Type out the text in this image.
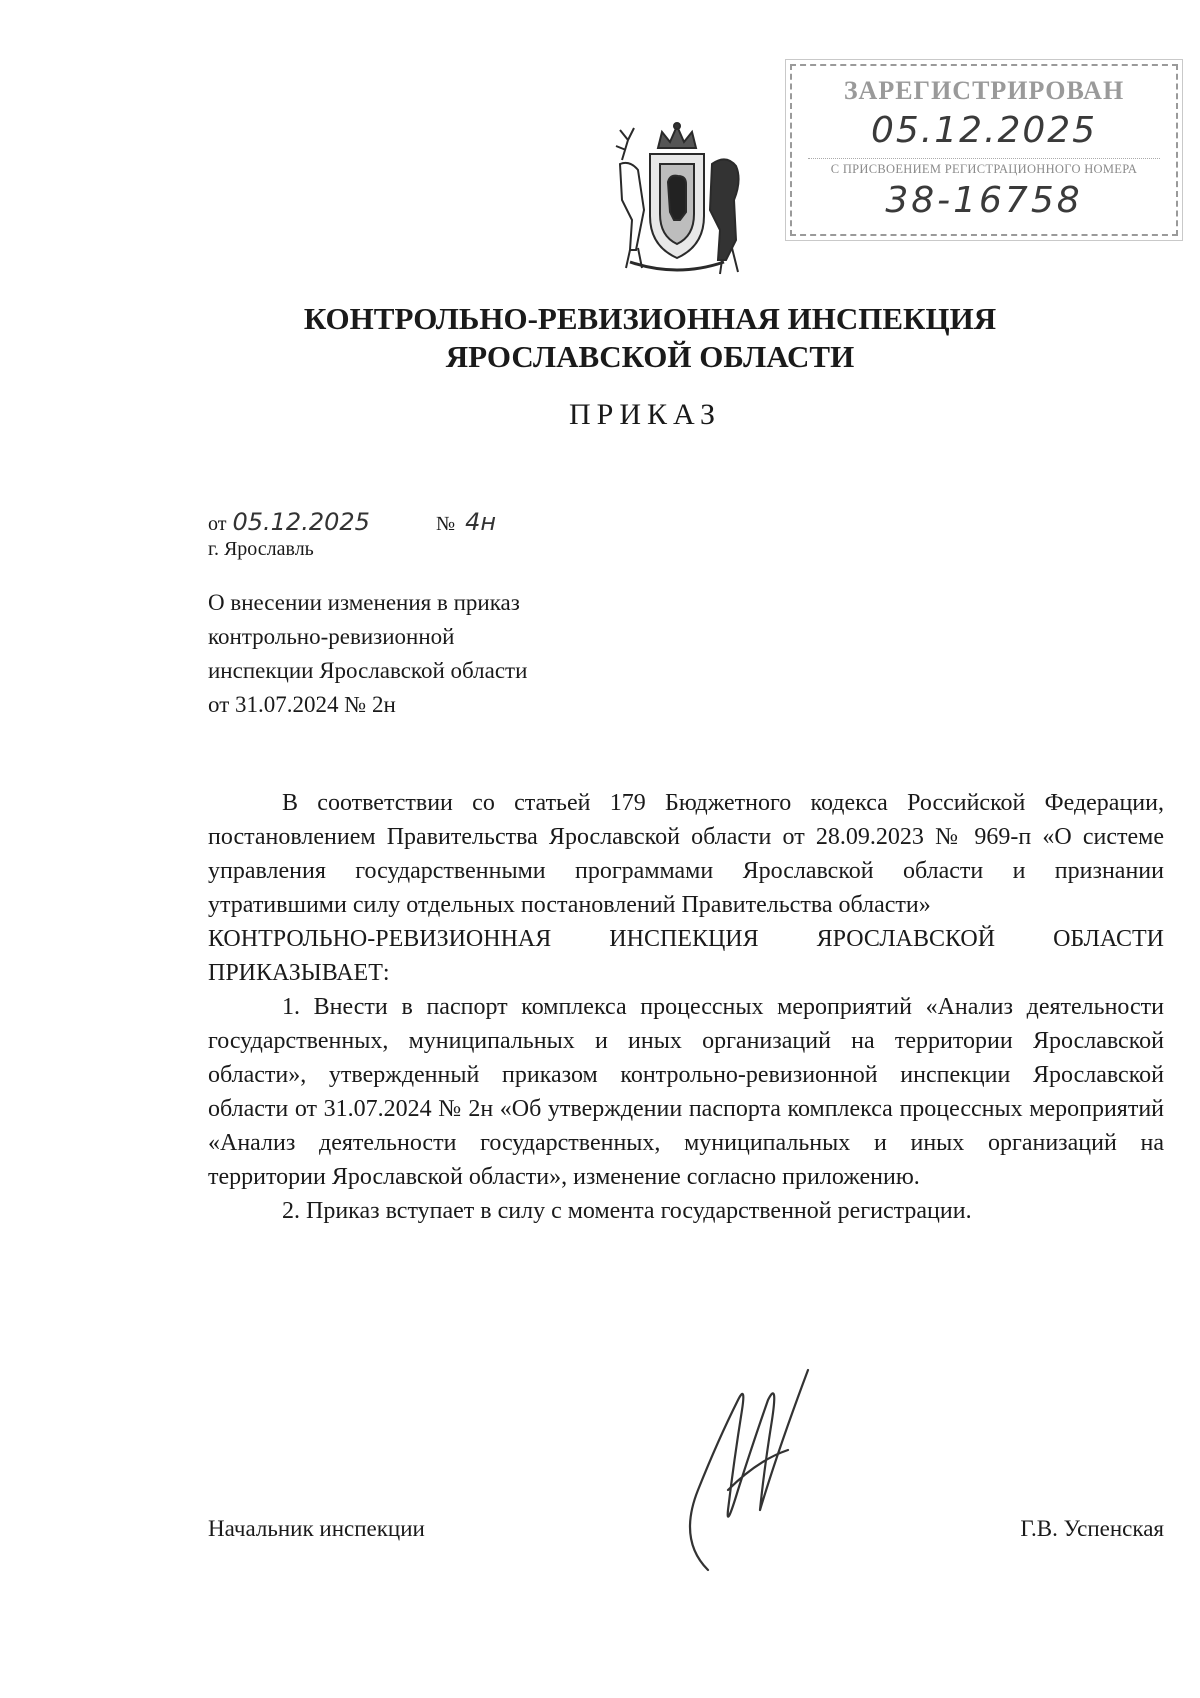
ЗАРЕГИСТРИРОВАН
05.12.2025
С ПРИСВОЕНИЕМ РЕГИСТРАЦИОННОГО НОМЕРА
38-16758
КОНТРОЛЬНО-РЕВИЗИОННАЯ ИНСПЕКЦИЯ
ЯРОСЛАВСКОЙ ОБЛАСТИ
ПРИКАЗ
от 05.12.2025	№ 4н
г. Ярославль
О внесении изменения в приказ
контрольно-ревизионной
инспекции Ярославской области
от 31.07.2024 № 2н

В соответствии со статьей 179 Бюджетного кодекса Российской Федерации, постановлением Правительства Ярославской области от 28.09.2023 № 969-п «О системе управления государственными программами Ярославской области и признании утратившими силу отдельных постановлений Правительства области»

КОНТРОЛЬНО-РЕВИЗИОННАЯ ИНСПЕКЦИЯ ЯРОСЛАВСКОЙ ОБЛАСТИ ПРИКАЗЫВАЕТ:

1. Внести в паспорт комплекса процессных мероприятий «Анализ деятельности государственных, муниципальных и иных организаций на территории Ярославской области», утвержденный приказом контрольно-ревизионной инспекции Ярославской области от 31.07.2024 № 2н «Об утверждении паспорта комплекса процессных мероприятий «Анализ деятельности государственных, муниципальных и иных организаций на территории Ярославской области», изменение согласно приложению.

2. Приказ вступает в силу с момента государственной регистрации.

Начальник инспекции	Г.В. Успенская
